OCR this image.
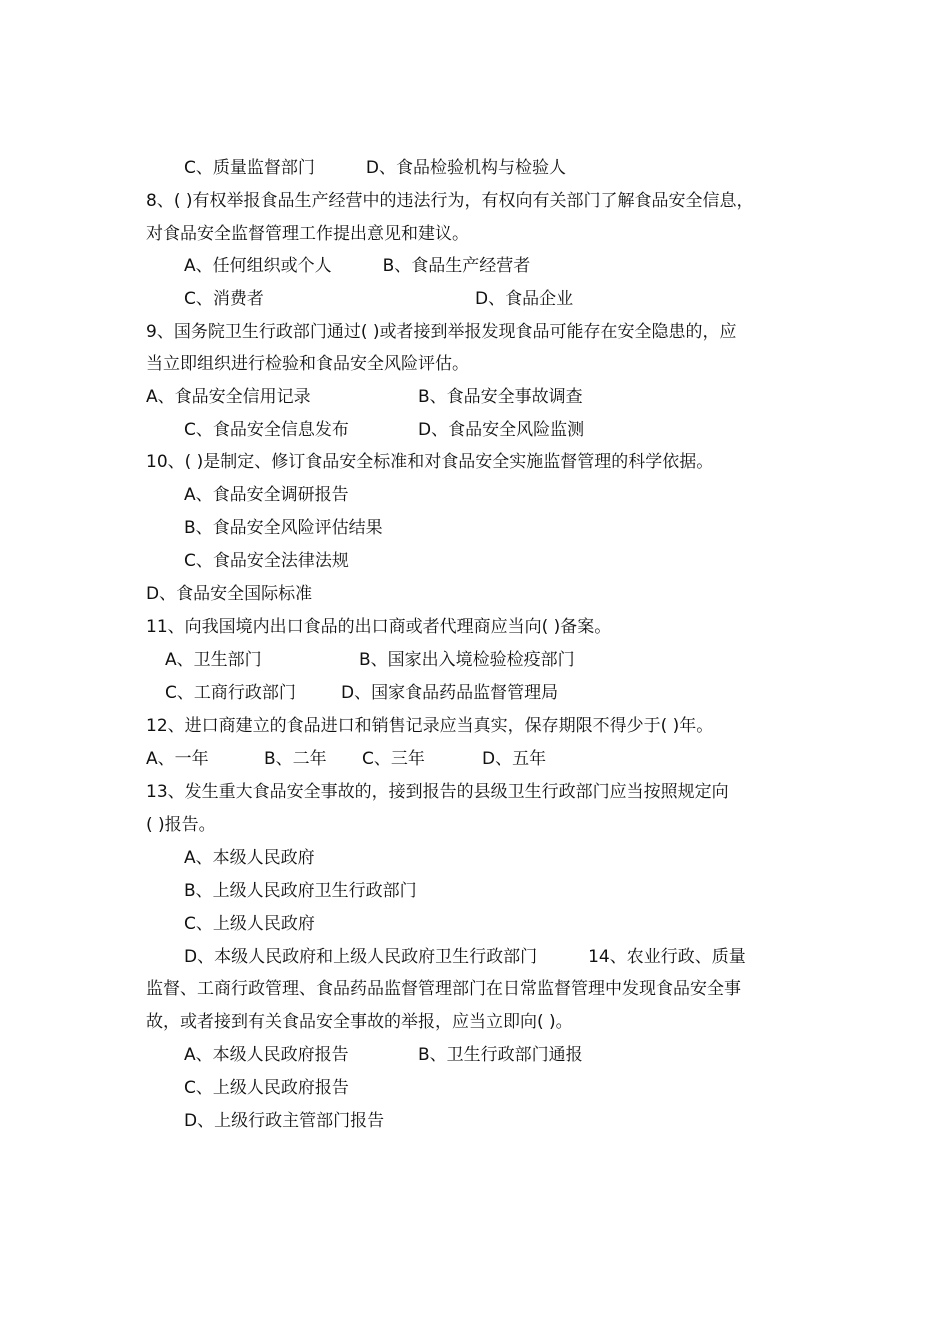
C、质量监督部门　　　D、食品检验机构与检验人
8、( )有权举报食品生产经营中的违法行为，有权向有关部门了解食品安全信息，
对食品安全监督管理工作提出意见和建议。
A、任何组织或个人　　　B、食品生产经营者
C、消费者	D、食品企业
9、国务院卫生行政部门通过( )或者接到举报发现食品可能存在安全隐患的，应
当立即组织进行检验和食品安全风险评估。
A、食品安全信用记录	B、食品安全事故调查
C、食品安全信息发布	D、食品安全风险监测
10、( )是制定、修订食品安全标准和对食品安全实施监督管理的科学依据。
A、食品安全调研报告
B、食品安全风险评估结果
C、食品安全法律法规
D、食品安全国际标准
11、向我国境内出口食品的出口商或者代理商应当向( )备案。
A、卫生部门	B、国家出入境检验检疫部门
C、工商行政部门	D、国家食品药品监督管理局
12、进口商建立的食品进口和销售记录应当真实，保存期限不得少于( )年。
A、一年	B、二年 C、三年	D、五年
13、发生重大食品安全事故的，接到报告的县级卫生行政部门应当按照规定向
( )报告。
A、本级人民政府
B、上级人民政府卫生行政部门
C、上级人民政府
D、本级人民政府和上级人民政府卫生行政部门　　　14、农业行政、质量
监督、工商行政管理、食品药品监督管理部门在日常监督管理中发现食品安全事
故，或者接到有关食品安全事故的举报，应当立即向( )。
A、本级人民政府报告	B、卫生行政部门通报
C、上级人民政府报告
D、上级行政主管部门报告
